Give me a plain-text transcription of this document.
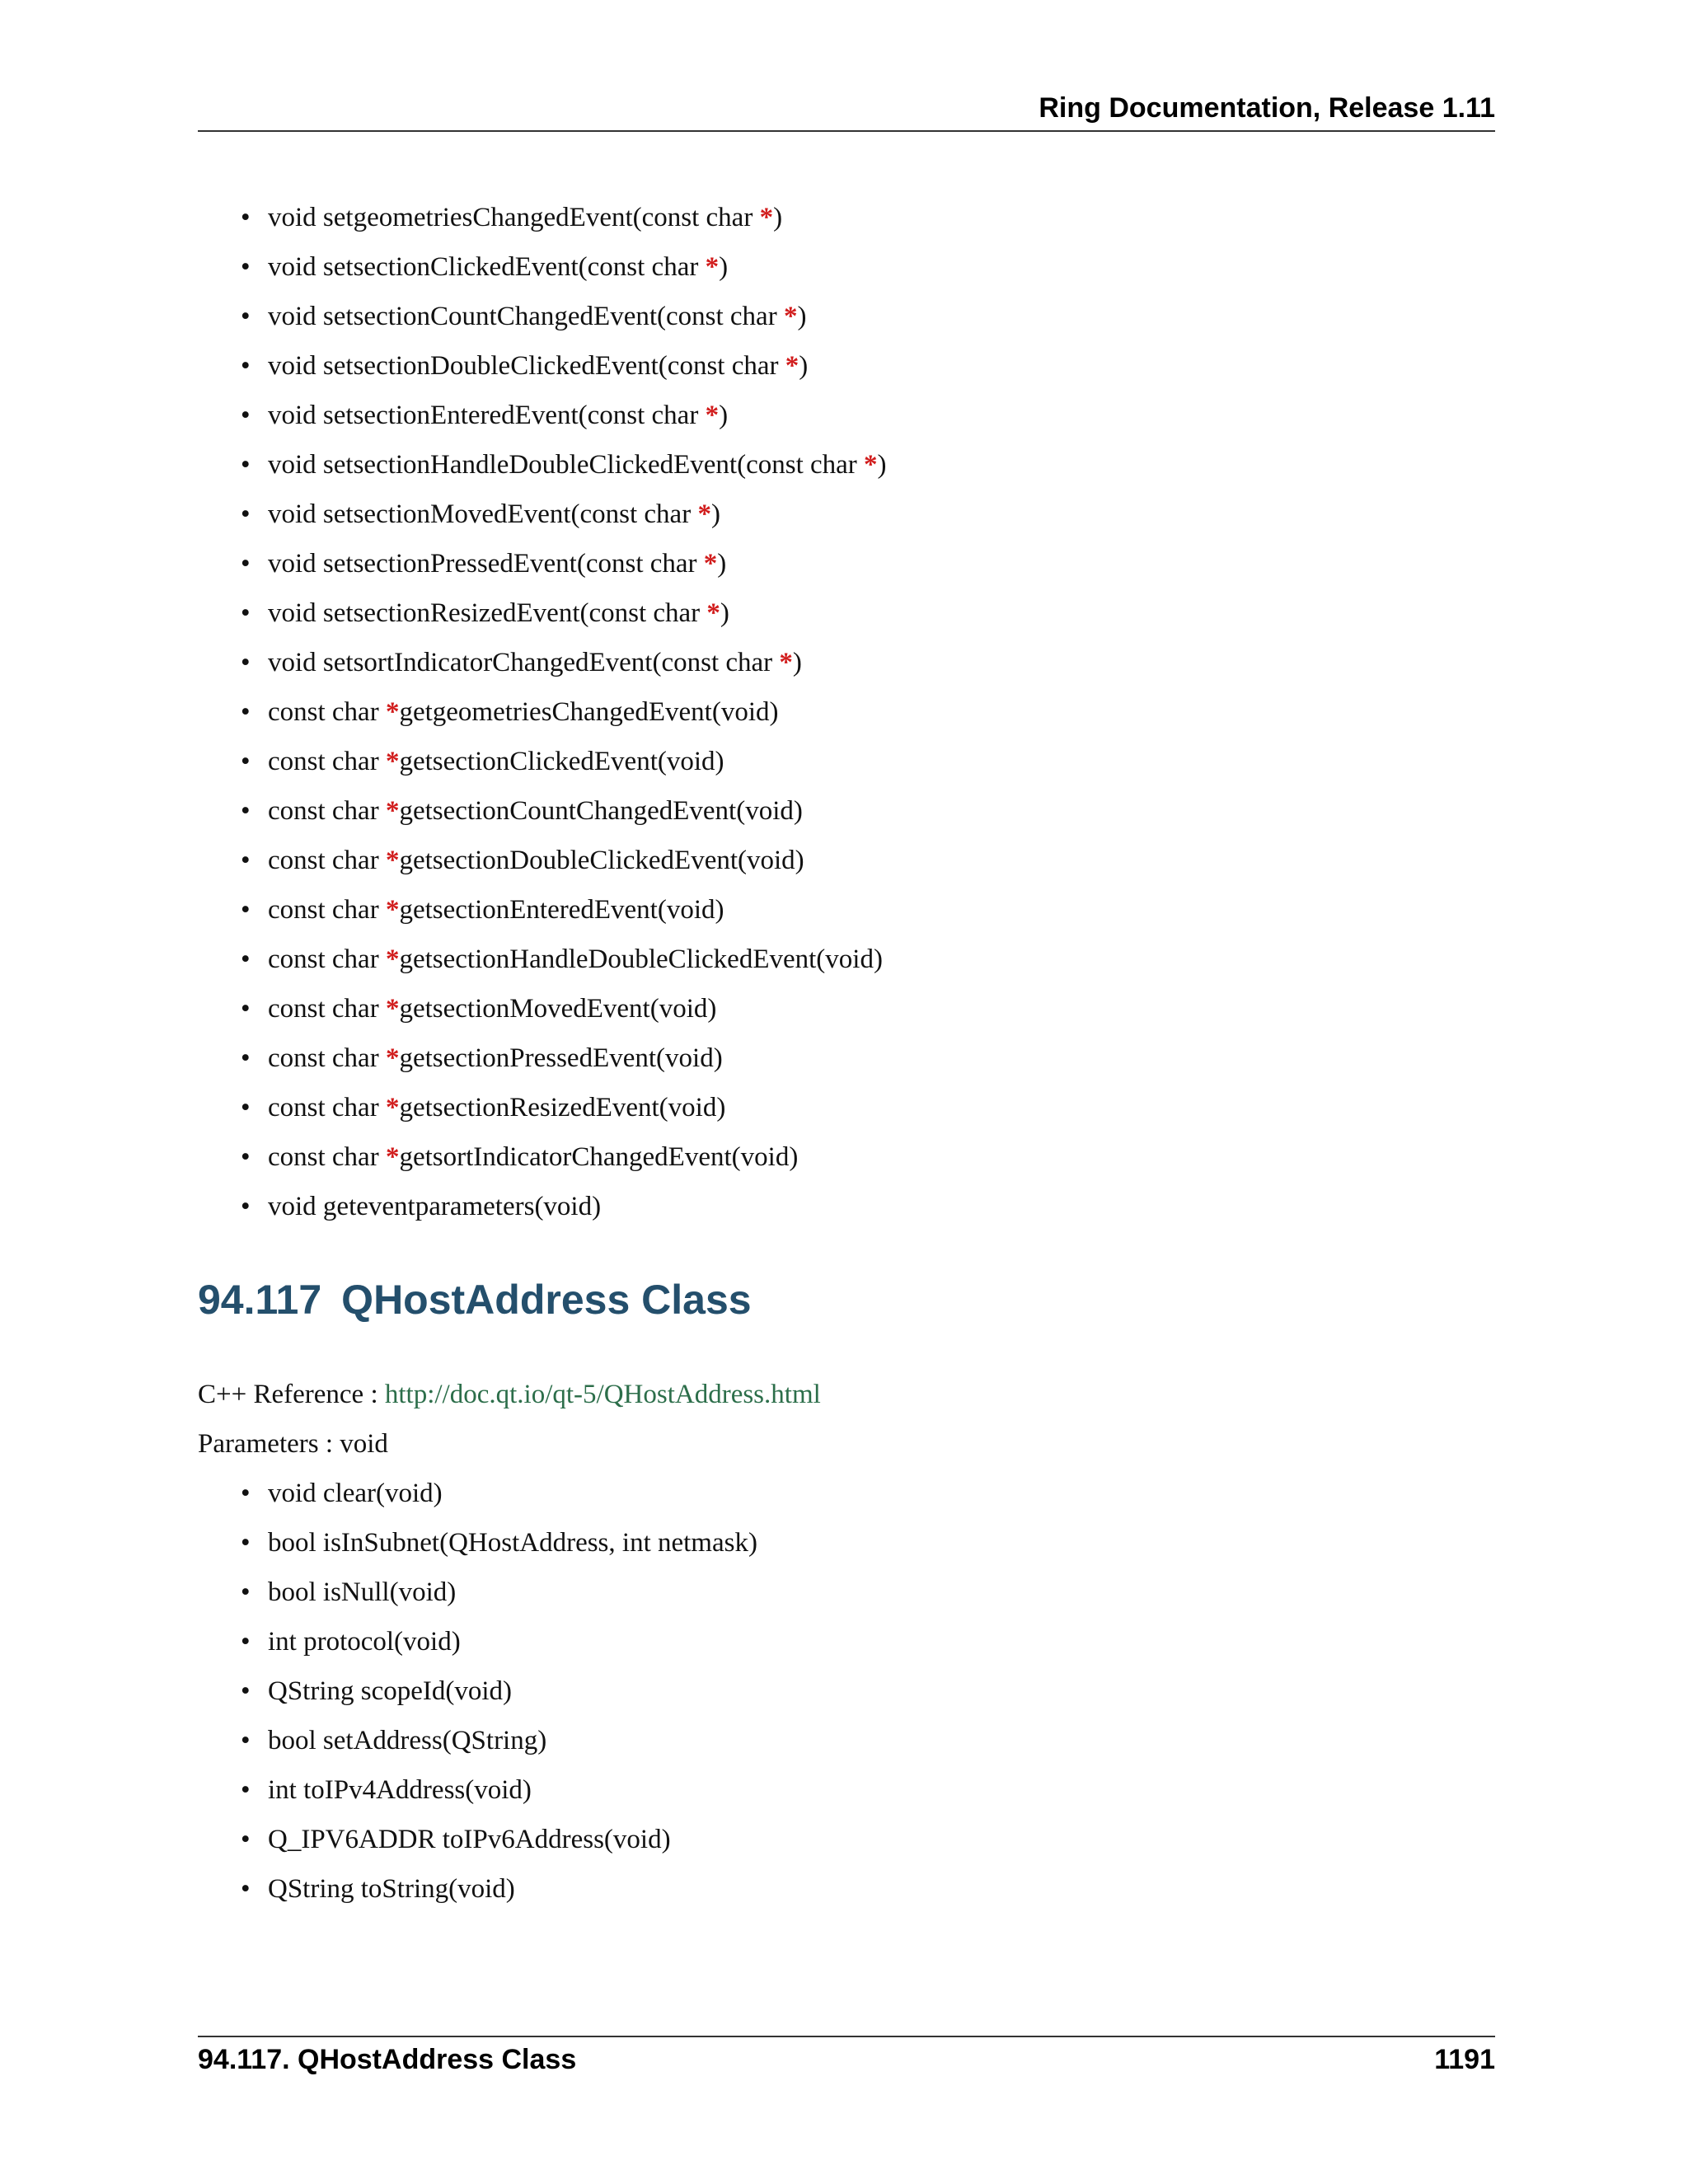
Ring Documentation, Release 1.11
• void setgeometriesChangedEvent(const char *)
• void setsectionClickedEvent(const char *)
• void setsectionCountChangedEvent(const char *)
• void setsectionDoubleClickedEvent(const char *)
• void setsectionEnteredEvent(const char *)
• void setsectionHandleDoubleClickedEvent(const char *)
• void setsectionMovedEvent(const char *)
• void setsectionPressedEvent(const char *)
• void setsectionResizedEvent(const char *)
• void setsortIndicatorChangedEvent(const char *)
• const char *getgeometriesChangedEvent(void)
• const char *getsectionClickedEvent(void)
• const char *getsectionCountChangedEvent(void)
• const char *getsectionDoubleClickedEvent(void)
• const char *getsectionEnteredEvent(void)
• const char *getsectionHandleDoubleClickedEvent(void)
• const char *getsectionMovedEvent(void)
• const char *getsectionPressedEvent(void)
• const char *getsectionResizedEvent(void)
• const char *getsortIndicatorChangedEvent(void)
• void geteventparameters(void)
94.117 QHostAddress Class
C++ Reference : http://doc.qt.io/qt-5/QHostAddress.html
Parameters : void
• void clear(void)
• bool isInSubnet(QHostAddress, int netmask)
• bool isNull(void)
• int protocol(void)
• QString scopeId(void)
• bool setAddress(QString)
• int toIPv4Address(void)
• Q_IPV6ADDR toIPv6Address(void)
• QString toString(void)
94.117. QHostAddress Class	1191
